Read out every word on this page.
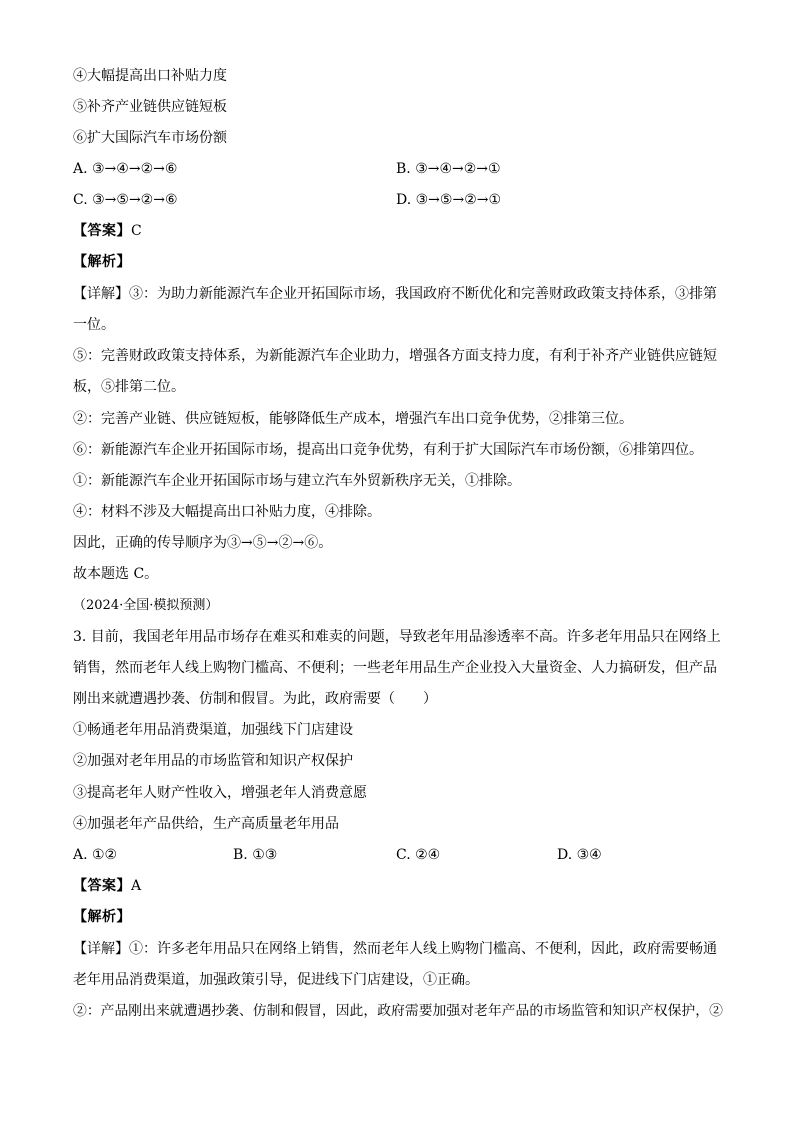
④大幅提高出口补贴力度
⑤补齐产业链供应链短板
⑥扩大国际汽车市场份额
A. ③→④→②→⑥	B. ③→④→②→①
C. ③→⑤→②→⑥	D. ③→⑤→②→①
【答案】C
【解析】
【详解】③：为助力新能源汽车企业开拓国际市场，我国政府不断优化和完善财政政策支持体系，③排第
一位。
⑤：完善财政政策支持体系，为新能源汽车企业助力，增强各方面支持力度，有利于补齐产业链供应链短
板，⑤排第二位。
②：完善产业链、供应链短板，能够降低生产成本，增强汽车出口竞争优势，②排第三位。
⑥：新能源汽车企业开拓国际市场，提高出口竞争优势，有利于扩大国际汽车市场份额，⑥排第四位。
①：新能源汽车企业开拓国际市场与建立汽车外贸新秩序无关，①排除。
④：材料不涉及大幅提高出口补贴力度，④排除。
因此，正确的传导顺序为③→⑤→②→⑥。
故本题选 C。
（2024·全国·模拟预测）
3. 目前，我国老年用品市场存在难买和难卖的问题，导致老年用品渗透率不高。许多老年用品只在网络上
销售，然而老年人线上购物门槛高、不便利；一些老年用品生产企业投入大量资金、人力搞研发，但产品
刚出来就遭遇抄袭、仿制和假冒。为此，政府需要（　　）
①畅通老年用品消费渠道，加强线下门店建设
②加强对老年用品的市场监管和知识产权保护
③提高老年人财产性收入，增强老年人消费意愿
④加强老年产品供给，生产高质量老年用品
A. ①②	B. ①③	C. ②④	D. ③④
【答案】A
【解析】
【详解】①：许多老年用品只在网络上销售，然而老年人线上购物门槛高、不便利，因此，政府需要畅通
老年用品消费渠道，加强政策引导，促进线下门店建设，①正确。
②：产品刚出来就遭遇抄袭、仿制和假冒，因此，政府需要加强对老年产品的市场监管和知识产权保护，②
